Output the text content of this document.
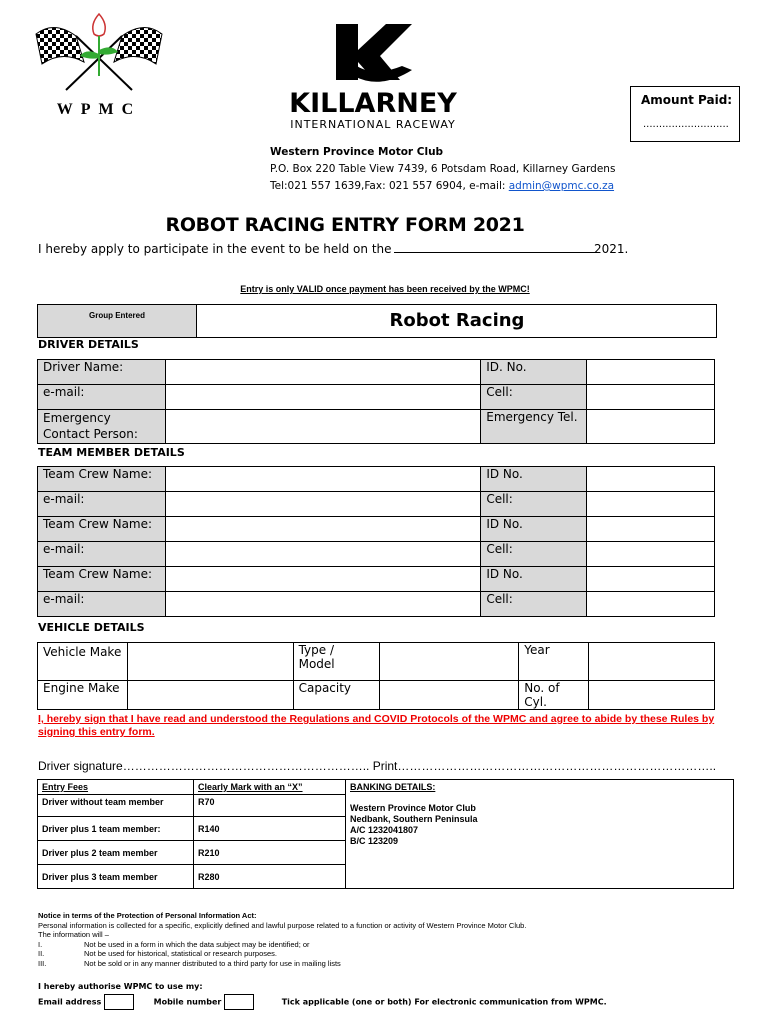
WPMC	KILLARNEY
INTERNATIONAL RACEWAY
Amount Paid:
...........................
Western Province Motor Club
P.O. Box 220 Table View 7439, 6 Potsdam Road, Killarney Gardens
Tel:021 557 1639,Fax: 021 557 6904, e-mail: admin@wpmc.co.za
ROBOT RACING ENTRY FORM 2021
I hereby apply to participate in the event to be held on the	2021.
Entry is only VALID once payment has been received by the WPMC!
Group Entered	Robot Racing
DRIVER DETAILS
Driver Name:		ID. No.	
e-mail:		Cell:	
Emergency Contact Person:		Emergency Tel.	
TEAM MEMBER DETAILS
Team Crew Name:		ID No.	
e-mail:		Cell:	
Team Crew Name:		ID No.	
e-mail:		Cell:	
Team Crew Name:		ID No.	
e-mail:		Cell:	
VEHICLE DETAILS
Vehicle Make		Type / Model		Year	
Engine Make		Capacity		No. of Cyl.	
I, hereby sign that I have read and understood the Regulations and COVID Protocols of the WPMC and agree to abide by these Rules by signing this entry form.
Driver signature…………………………………………………….. Print……………………………………………………………………..
Entry Fees	Clearly Mark with an “X”	BANKING DETAILS:
Driver without team member	R70	Western Province Motor Club
Nedbank, Southern Peninsula
A/C 1232041807
B/C 123209

Driver plus 1 team member:	R140	
Driver plus 2 team member	R210	
Driver plus 3 team member	R280	
Notice in terms of the Protection of Personal Information Act:
Personal information is collected for a specific, explicitly defined and lawful purpose related to a function or activity of Western Province Motor Club.
The information will –
I.	Not be used in a form in which the data subject may be identified; or
II.	Not be used for historical, statistical or research purposes.
III.	Not be sold or in any manner distributed to a third party for use in mailing lists
I hereby authorise WPMC to use my:
Email address	Mobile number	Tick applicable (one or both) For electronic communication from WPMC.
